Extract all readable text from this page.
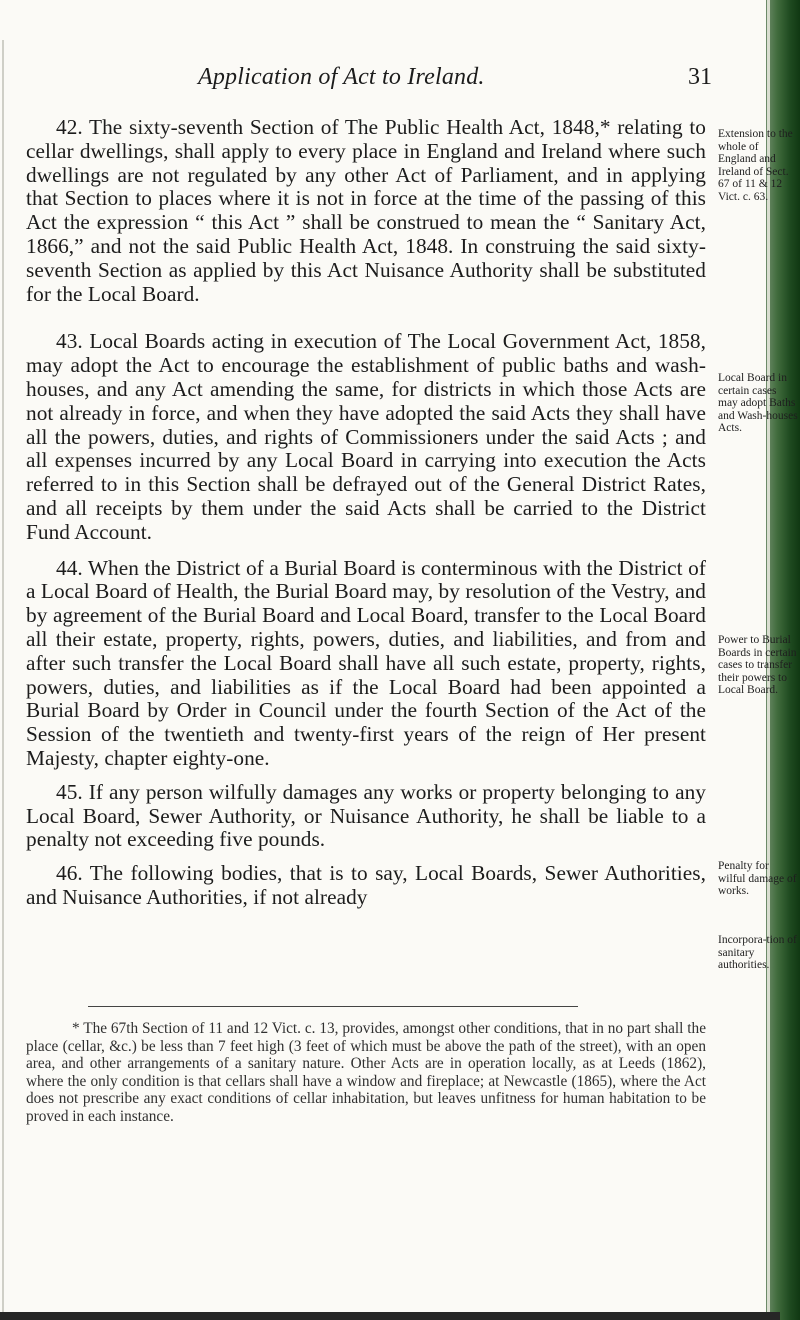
Application of Act to Ireland.	31

42. The sixty-seventh Section of The Public Health Act, 1848,* relating to cellar dwellings, shall apply to every place in England and Ireland where such dwellings are not regulated by any other Act of Parliament, and in applying that Section to places where it is not in force at the time of the passing of this Act the expression “ this Act ” shall be construed to mean the “ Sanitary Act, 1866,” and not the said Public Health Act, 1848. In construing the said sixty-seventh Section as applied by this Act Nuisance Authority shall be substituted for the Local Board.

43. Local Boards acting in execution of The Local Government Act, 1858, may adopt the Act to encourage the establishment of public baths and wash-houses, and any Act amending the same, for districts in which those Acts are not already in force, and when they have adopted the said Acts they shall have all the powers, duties, and rights of Commissioners under the said Acts ; and all expenses incurred by any Local Board in carrying into execution the Acts referred to in this Section shall be defrayed out of the General District Rates, and all receipts by them under the said Acts shall be carried to the District Fund Account.

44. When the District of a Burial Board is conterminous with the District of a Local Board of Health, the Burial Board may, by resolution of the Vestry, and by agreement of the Burial Board and Local Board, transfer to the Local Board all their estate, property, rights, powers, duties, and liabilities, and from and after such transfer the Local Board shall have all such estate, property, rights, powers, duties, and liabilities as if the Local Board had been appointed a Burial Board by Order in Council under the fourth Section of the Act of the Session of the twentieth and twenty-first years of the reign of Her present Majesty, chapter eighty-one.

45. If any person wilfully damages any works or property belonging to any Local Board, Sewer Authority, or Nuisance Authority, he shall be liable to a penalty not exceeding five pounds.

46. The following bodies, that is to say, Local Boards, Sewer Authorities, and Nuisance Authorities, if not already

Extension to the whole of England and Ireland of Sect. 67 of 11 & 12 Vict. c. 63.
Local Board in certain cases may adopt Baths and Wash-houses Acts.
Power to Burial Boards in certain cases to transfer their powers to Local Board.
Penalty for wilful damage of works.
Incorpora-tion of sanitary authorities.

* The 67th Section of 11 and 12 Vict. c. 13, provides, amongst other conditions, that in no part shall the place (cellar, &c.) be less than 7 feet high (3 feet of which must be above the path of the street), with an open area, and other arrangements of a sanitary nature. Other Acts are in operation locally, as at Leeds (1862), where the only condition is that cellars shall have a window and fireplace; at Newcastle (1865), where the Act does not prescribe any exact conditions of cellar inhabitation, but leaves unfitness for human habitation to be proved in each instance.
